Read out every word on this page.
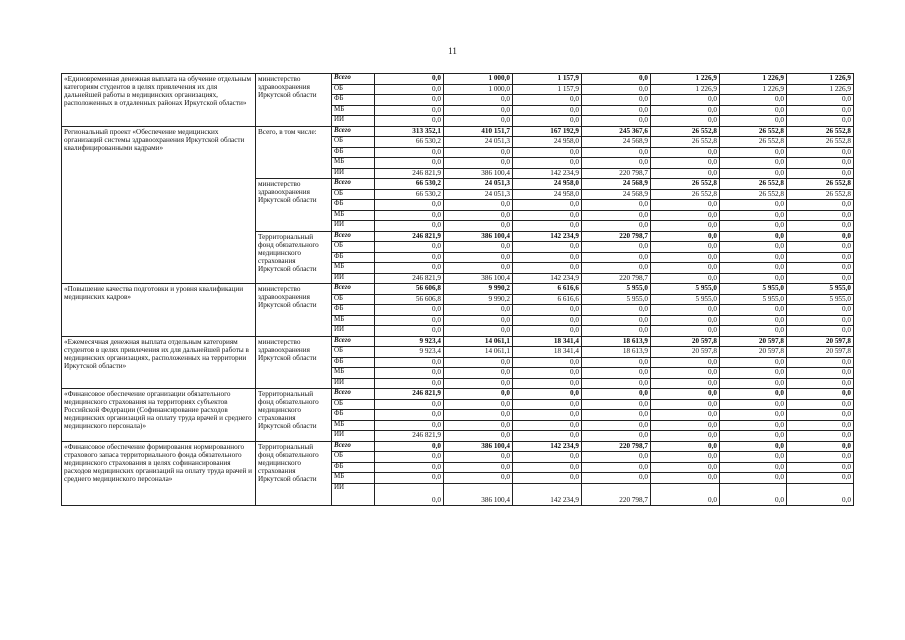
11
«Единовременная денежная выплата на обучение отдельным категориям студентов в целях привлечения их для дальнейшей работы в медицинских организациях, расположенных в отдаленных районах Иркутской области»	министерство здравоохранения Иркутской области	Всего	0,0	1 000,0	1 157,9	0,0	1 226,9	1 226,9	1 226,9
		ОБ	0,0	1 000,0	1 157,9	0,0	1 226,9	1 226,9	1 226,9
		ФБ	0,0	0,0	0,0	0,0	0,0	0,0	0,0
		МБ	0,0	0,0	0,0	0,0	0,0	0,0	0,0
		ИИ	0,0	0,0	0,0	0,0	0,0	0,0	0,0
Региональный проект «Обеспечение медицинских организаций системы здравоохранения Иркутской области квалифицированными кадрами»	Всего, в том числе:	Всего	313 352,1	410 151,7	167 192,9	245 367,6	26 552,8	26 552,8	26 552,8
		ОБ	66 530,2	24 051,3	24 958,0	24 568,9	26 552,8	26 552,8	26 552,8
		ФБ	0,0	0,0	0,0	0,0	0,0	0,0	0,0
		МБ	0,0	0,0	0,0	0,0	0,0	0,0	0,0
		ИИ	246 821,9	386 100,4	142 234,9	220 798,7	0,0	0,0	0,0
	министерство здравоохранения Иркутской области	Всего	66 530,2	24 051,3	24 958,0	24 568,9	26 552,8	26 552,8	26 552,8
		ОБ	66 530,2	24 051,3	24 958,0	24 568,9	26 552,8	26 552,8	26 552,8
		ФБ	0,0	0,0	0,0	0,0	0,0	0,0	0,0
		МБ	0,0	0,0	0,0	0,0	0,0	0,0	0,0
		ИИ	0,0	0,0	0,0	0,0	0,0	0,0	0,0
	Территориальный фонд обязательного медицинского страхования Иркутской области	Всего	246 821,9	386 100,4	142 234,9	220 798,7	0,0	0,0	0,0
		ОБ	0,0	0,0	0,0	0,0	0,0	0,0	0,0
		ФБ	0,0	0,0	0,0	0,0	0,0	0,0	0,0
		МБ	0,0	0,0	0,0	0,0	0,0	0,0	0,0
		ИИ	246 821,9	386 100,4	142 234,9	220 798,7	0,0	0,0	0,0
«Повышение качества подготовки и уровня квалификации медицинских кадров»	министерство здравоохранения Иркутской области	Всего	56 606,8	9 990,2	6 616,6	5 955,0	5 955,0	5 955,0	5 955,0
		ОБ	56 606,8	9 990,2	6 616,6	5 955,0	5 955,0	5 955,0	5 955,0
		ФБ	0,0	0,0	0,0	0,0	0,0	0,0	0,0
		МБ	0,0	0,0	0,0	0,0	0,0	0,0	0,0
		ИИ	0,0	0,0	0,0	0,0	0,0	0,0	0,0
«Ежемесячная денежная выплата отдельным категориям студентов в целях привлечения их для дальнейшей работы в медицинских организациях, расположенных на территории Иркутской области»	министерство здравоохранения Иркутской области	Всего	9 923,4	14 061,1	18 341,4	18 613,9	20 597,8	20 597,8	20 597,8
		ОБ	9 923,4	14 061,1	18 341,4	18 613,9	20 597,8	20 597,8	20 597,8
		ФБ	0,0	0,0	0,0	0,0	0,0	0,0	0,0
		МБ	0,0	0,0	0,0	0,0	0,0	0,0	0,0
		ИИ	0,0	0,0	0,0	0,0	0,0	0,0	0,0
«Финансовое обеспечение организации обязательного медицинского страхования на территориях субъектов Российской Федерации (Софинансирование расходов медицинских организаций на оплату труда врачей и среднего медицинского персонала)»	Территориальный фонд обязательного медицинского страхования Иркутской области	Всего	246 821,9	0,0	0,0	0,0	0,0	0,0	0,0
		ОБ	0,0	0,0	0,0	0,0	0,0	0,0	0,0
		ФБ	0,0	0,0	0,0	0,0	0,0	0,0	0,0
		МБ	0,0	0,0	0,0	0,0	0,0	0,0	0,0
		ИИ	246 821,9	0,0	0,0	0,0	0,0	0,0	0,0
«Финансовое обеспечение формирования нормированного страхового запаса территориального фонда обязательного медицинского страхования в целях софинансирования расходов медицинских организаций на оплату труда врачей и среднего медицинского персонала»	Территориальный фонд обязательного медицинского страхования Иркутской области	Всего	0,0	386 100,4	142 234,9	220 798,7	0,0	0,0	0,0
		ОБ	0,0	0,0	0,0	0,0	0,0	0,0	0,0
		ФБ	0,0	0,0	0,0	0,0	0,0	0,0	0,0
		МБ	0,0	0,0	0,0	0,0	0,0	0,0	0,0
		ИИ	0,0	386 100,4	142 234,9	220 798,7	0,0	0,0	0,0
